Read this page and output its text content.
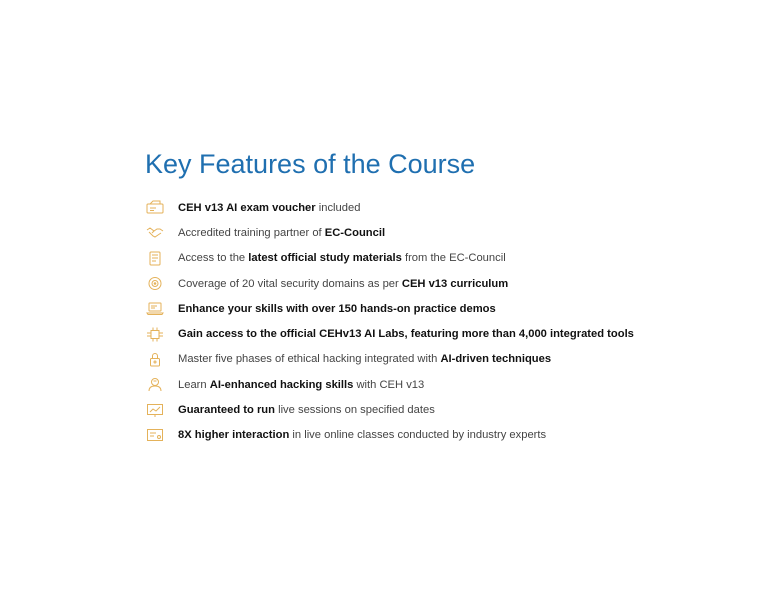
Key Features of the Course
CEH v13 AI exam voucher included
Accredited training partner of EC-Council
Access to the latest official study materials from the EC-Council
Coverage of 20 vital security domains as per CEH v13 curriculum
Enhance your skills with over 150 hands-on practice demos
Gain access to the official CEHv13 AI Labs, featuring more than 4,000 integrated tools
Master five phases of ethical hacking integrated with AI-driven techniques
Learn AI-enhanced hacking skills with CEH v13
Guaranteed to run live sessions on specified dates
8X higher interaction in live online classes conducted by industry experts
